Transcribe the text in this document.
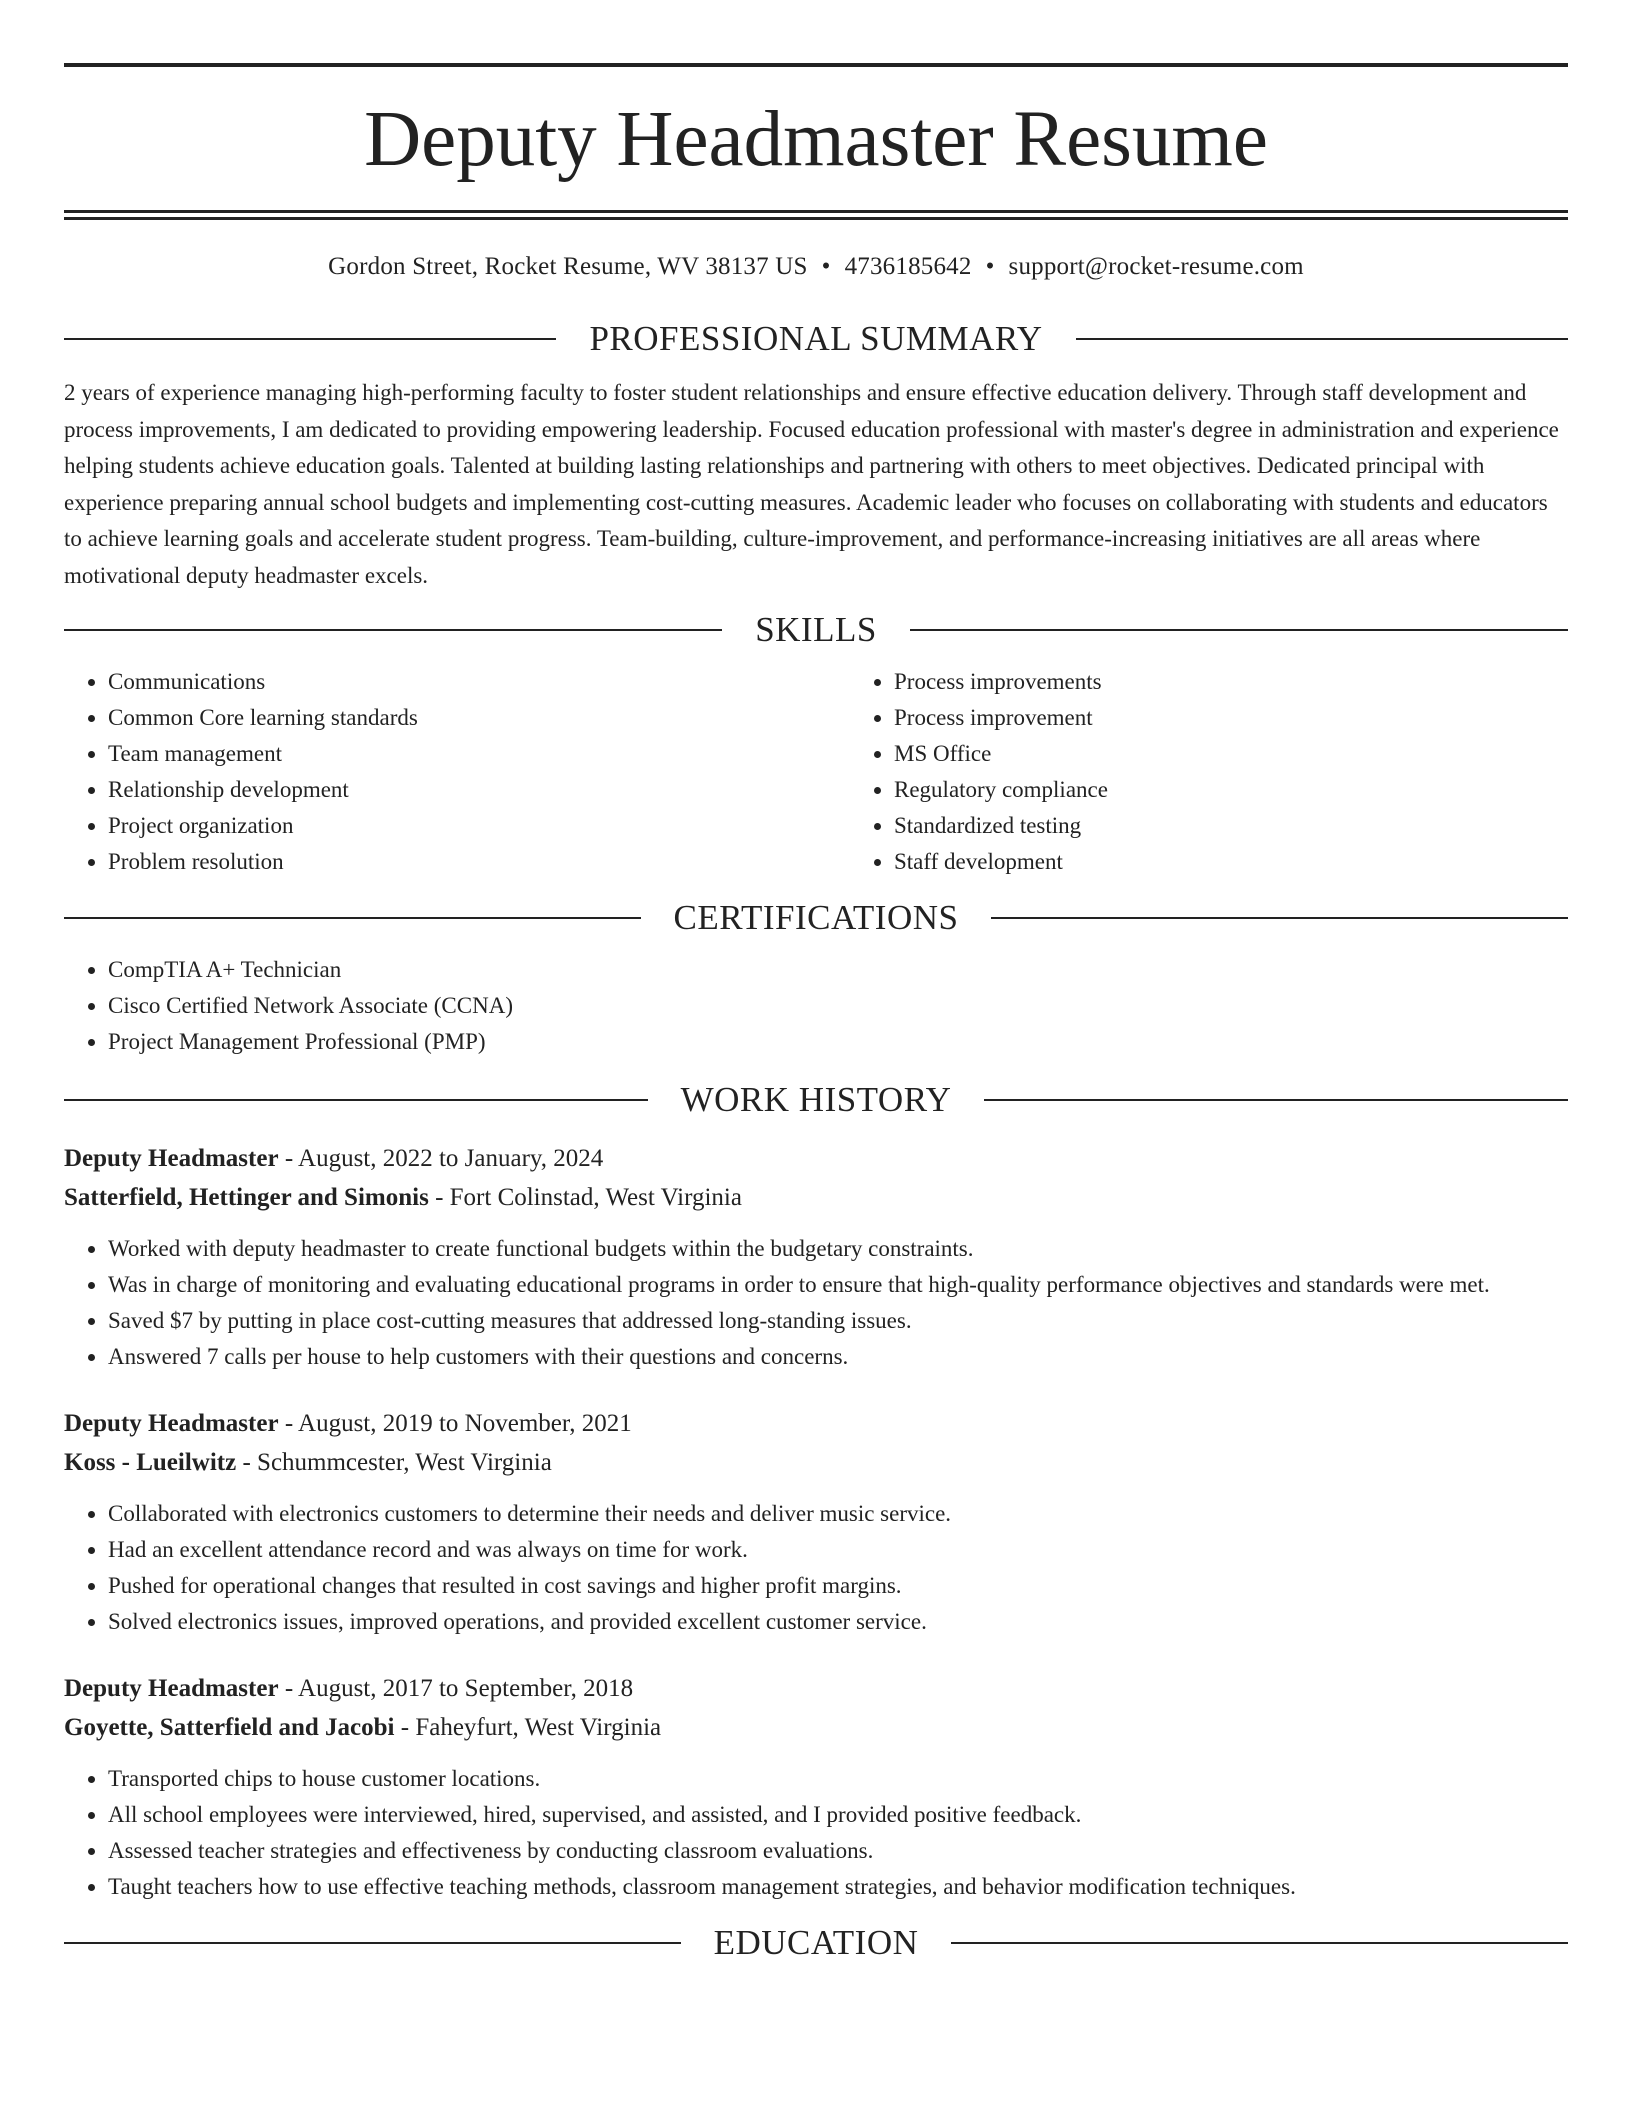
Deputy Headmaster Resume
Gordon Street, Rocket Resume, WV 38137 US • 4736185642 • support@rocket-resume.com
PROFESSIONAL SUMMARY

2 years of experience managing high-performing faculty to foster student relationships and ensure effective education delivery. Through staff development and process improvements, I am dedicated to providing empowering leadership. Focused education professional with master's degree in administration and experience helping students achieve education goals. Talented at building lasting relationships and partnering with others to meet objectives. Dedicated principal with experience preparing annual school budgets and implementing cost-cutting measures. Academic leader who focuses on collaborating with students and educators to achieve learning goals and accelerate student progress. Team-building, culture-improvement, and performance-increasing initiatives are all areas where motivational deputy headmaster excels.

SKILLS
• Communications
• Common Core learning standards
• Team management
• Relationship development
• Project organization
• Problem resolution
• Process improvements
• Process improvement
• MS Office
• Regulatory compliance
• Standardized testing
• Staff development
CERTIFICATIONS
• CompTIA A+ Technician
• Cisco Certified Network Associate (CCNA)
• Project Management Professional (PMP)
WORK HISTORY
Deputy Headmaster - August, 2022 to January, 2024
Satterfield, Hettinger and Simonis - Fort Colinstad, West Virginia
• Worked with deputy headmaster to create functional budgets within the budgetary constraints.
• Was in charge of monitoring and evaluating educational programs in order to ensure that high-quality performance objectives and standards were met.
• Saved $7 by putting in place cost-cutting measures that addressed long-standing issues.
• Answered 7 calls per house to help customers with their questions and concerns.
Deputy Headmaster - August, 2019 to November, 2021
Koss - Lueilwitz - Schummcester, West Virginia
• Collaborated with electronics customers to determine their needs and deliver music service.
• Had an excellent attendance record and was always on time for work.
• Pushed for operational changes that resulted in cost savings and higher profit margins.
• Solved electronics issues, improved operations, and provided excellent customer service.
Deputy Headmaster - August, 2017 to September, 2018
Goyette, Satterfield and Jacobi - Faheyfurt, West Virginia
• Transported chips to house customer locations.
• All school employees were interviewed, hired, supervised, and assisted, and I provided positive feedback.
• Assessed teacher strategies and effectiveness by conducting classroom evaluations.
• Taught teachers how to use effective teaching methods, classroom management strategies, and behavior modification techniques.
EDUCATION
